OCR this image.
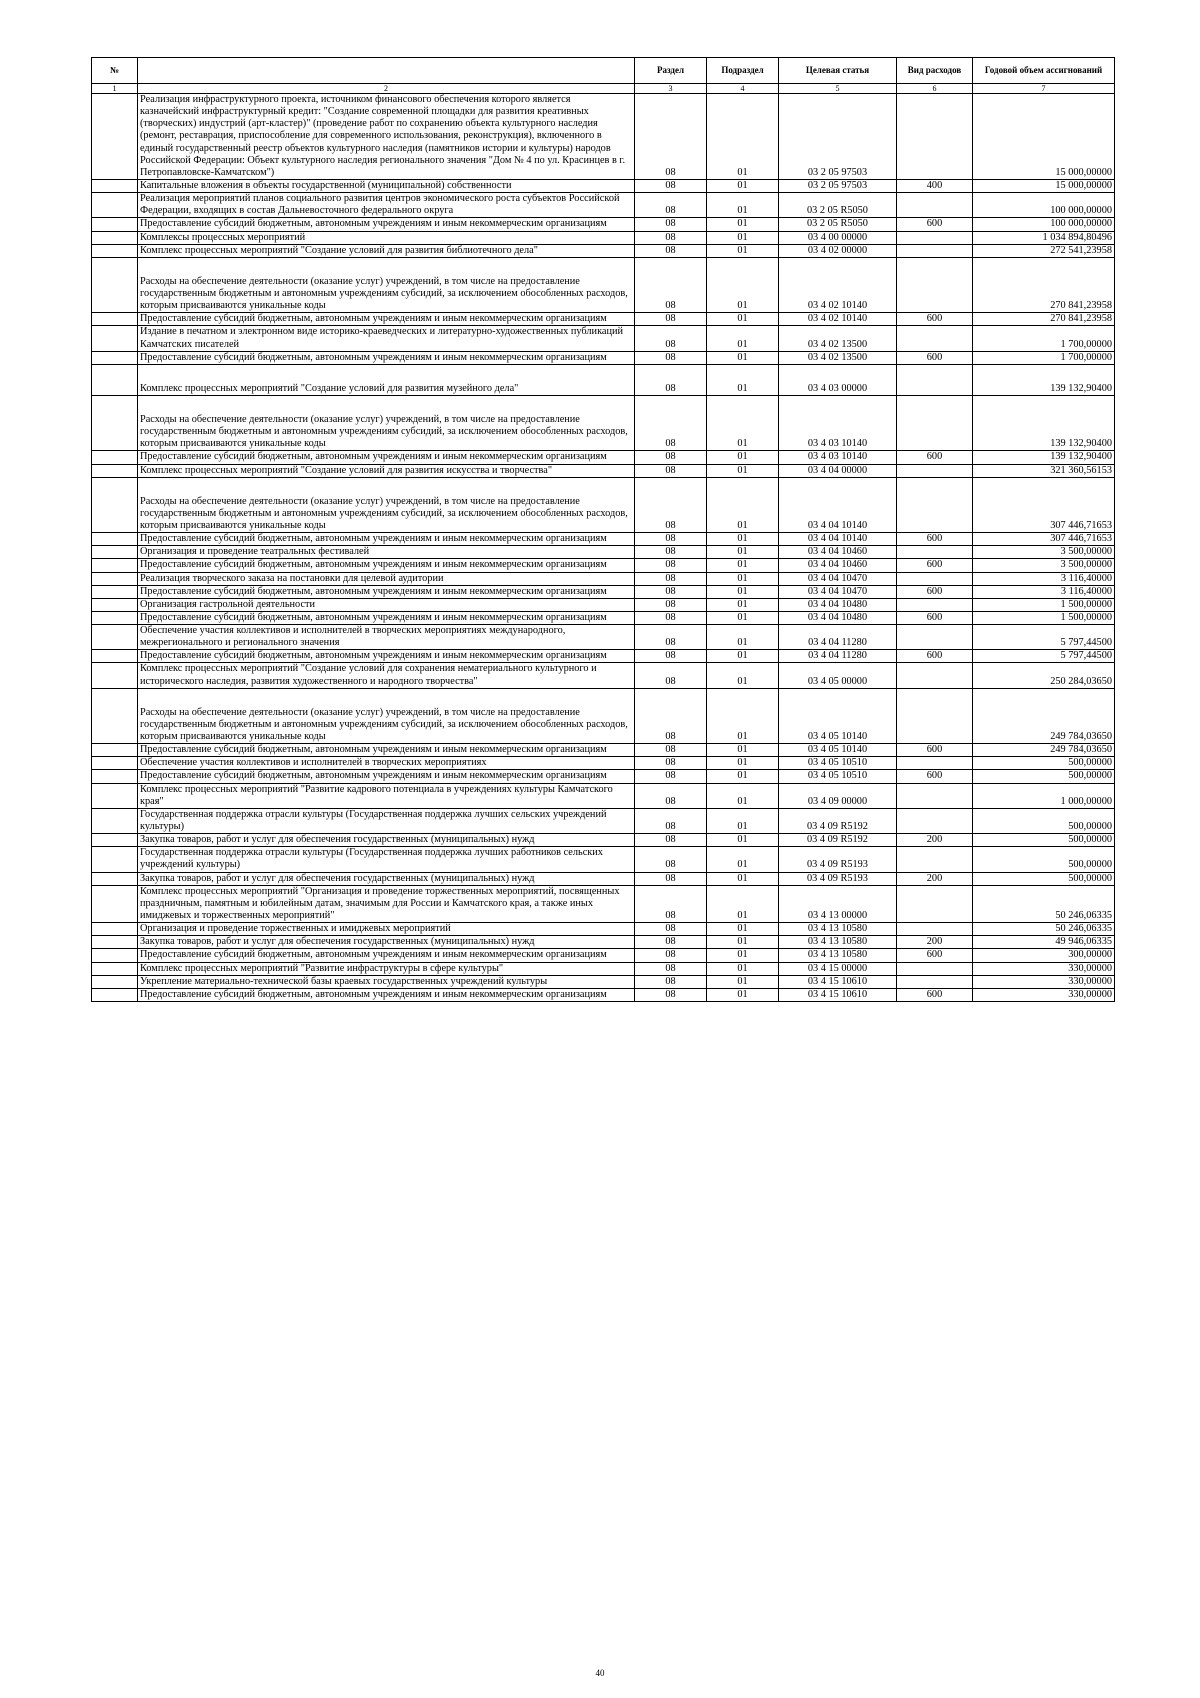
№		Раздел	Подраздел	Целевая статья	Вид расходов	Годовой объем ассигнований
1	2	3	4	5	6	7
	Реализация инфраструктурного проекта, источником финансового обеспечения которого является казначейский инфраструктурный кредит: "Создание современной площадки для развития креативных (творческих) индустрий (арт-кластер)" (проведение работ по сохранению объекта культурного наследия (ремонт, реставрация, приспособление для современного использования, реконструкция), включенного в единый государственный реестр объектов культурного наследия (памятников истории и культуры) народов Российской Федерации: Объект культурного наследия регионального значения "Дом № 4 по ул. Красинцев в г. Петропавловске-Камчатском")	08	01	03 2 05 97503		15 000,00000
	Капитальные вложения в объекты государственной (муниципальной) собственности	08	01	03 2 05 97503	400	15 000,00000
	Реализация мероприятий планов социального развития центров экономического роста субъектов Российской Федерации, входящих в состав Дальневосточного федерального округа	08	01	03 2 05 R5050		100 000,00000
	Предоставление субсидий бюджетным, автономным учреждениям и иным некоммерческим организациям	08	01	03 2 05 R5050	600	100 000,00000
	Комплексы процессных мероприятий	08	01	03 4 00 00000		1 034 894,80496
	Комплекс процессных мероприятий "Создание условий для развития библиотечного дела"	08	01	03 4 02 00000		272 541,23958
	Расходы на обеспечение деятельности (оказание услуг) учреждений, в том числе на предоставление государственным бюджетным и автономным учреждениям субсидий, за исключением обособленных расходов, которым присваиваются уникальные коды	08	01	03 4 02 10140		270 841,23958
	Предоставление субсидий бюджетным, автономным учреждениям и иным некоммерческим организациям	08	01	03 4 02 10140	600	270 841,23958
	Издание в печатном и электронном виде историко-краеведческих и литературно-художественных публикаций Камчатских писателей	08	01	03 4 02 13500		1 700,00000
	Предоставление субсидий бюджетным, автономным учреждениям и иным некоммерческим организациям	08	01	03 4 02 13500	600	1 700,00000
	Комплекс процессных мероприятий "Создание условий для развития музейного дела"	08	01	03 4 03 00000		139 132,90400
	Расходы на обеспечение деятельности (оказание услуг) учреждений, в том числе на предоставление государственным бюджетным и автономным учреждениям субсидий, за исключением обособленных расходов, которым присваиваются уникальные коды	08	01	03 4 03 10140		139 132,90400
	Предоставление субсидий бюджетным, автономным учреждениям и иным некоммерческим организациям	08	01	03 4 03 10140	600	139 132,90400
	Комплекс процессных мероприятий "Создание условий для развития искусства и творчества"	08	01	03 4 04 00000		321 360,56153
	Расходы на обеспечение деятельности (оказание услуг) учреждений, в том числе на предоставление государственным бюджетным и автономным учреждениям субсидий, за исключением обособленных расходов, которым присваиваются уникальные коды	08	01	03 4 04 10140		307 446,71653
	Предоставление субсидий бюджетным, автономным учреждениям и иным некоммерческим организациям	08	01	03 4 04 10140	600	307 446,71653
	Организация и проведение театральных фестивалей	08	01	03 4 04 10460		3 500,00000
	Предоставление субсидий бюджетным, автономным учреждениям и иным некоммерческим организациям	08	01	03 4 04 10460	600	3 500,00000
	Реализация творческого заказа на постановки для целевой аудитории	08	01	03 4 04 10470		3 116,40000
	Предоставление субсидий бюджетным, автономным учреждениям и иным некоммерческим организациям	08	01	03 4 04 10470	600	3 116,40000
	Организация гастрольной деятельности	08	01	03 4 04 10480		1 500,00000
	Предоставление субсидий бюджетным, автономным учреждениям и иным некоммерческим организациям	08	01	03 4 04 10480	600	1 500,00000
	Обеспечение участия коллективов и исполнителей в творческих мероприятиях международного, межрегионального и регионального значения	08	01	03 4 04 11280		5 797,44500
	Предоставление субсидий бюджетным, автономным учреждениям и иным некоммерческим организациям	08	01	03 4 04 11280	600	5 797,44500
	Комплекс процессных мероприятий "Создание условий для сохранения нематериального культурного и исторического наследия, развития художественного и народного творчества"	08	01	03 4 05 00000		250 284,03650
	Расходы на обеспечение деятельности (оказание услуг) учреждений, в том числе на предоставление государственным бюджетным и автономным учреждениям субсидий, за исключением обособленных расходов, которым присваиваются уникальные коды	08	01	03 4 05 10140		249 784,03650
	Предоставление субсидий бюджетным, автономным учреждениям и иным некоммерческим организациям	08	01	03 4 05 10140	600	249 784,03650
	Обеспечение участия коллективов и исполнителей в творческих мероприятиях	08	01	03 4 05 10510		500,00000
	Предоставление субсидий бюджетным, автономным учреждениям и иным некоммерческим организациям	08	01	03 4 05 10510	600	500,00000
	Комплекс процессных мероприятий "Развитие кадрового потенциала в учреждениях культуры Камчатского края"	08	01	03 4 09 00000		1 000,00000
	Государственная поддержка отрасли культуры (Государственная поддержка лучших сельских учреждений культуры)	08	01	03 4 09 R5192		500,00000
	Закупка товаров, работ и услуг для обеспечения государственных (муниципальных) нужд	08	01	03 4 09 R5192	200	500,00000
	Государственная поддержка отрасли культуры (Государственная поддержка лучших работников сельских учреждений культуры)	08	01	03 4 09 R5193		500,00000
	Закупка товаров, работ и услуг для обеспечения государственных (муниципальных) нужд	08	01	03 4 09 R5193	200	500,00000
	Комплекс процессных мероприятий "Организация и проведение торжественных мероприятий, посвященных праздничным, памятным и юбилейным датам, значимым для России и Камчатского края, а также иных имиджевых и торжественных мероприятий"	08	01	03 4 13 00000		50 246,06335
	Организация и проведение торжественных и имиджевых мероприятий	08	01	03 4 13 10580		50 246,06335
	Закупка товаров, работ и услуг для обеспечения государственных (муниципальных) нужд	08	01	03 4 13 10580	200	49 946,06335
	Предоставление субсидий бюджетным, автономным учреждениям и иным некоммерческим организациям	08	01	03 4 13 10580	600	300,00000
	Комплекс процессных мероприятий "Развитие инфраструктуры в сфере культуры"	08	01	03 4 15 00000		330,00000
	Укрепление материально-технической базы краевых государственных учреждений культуры	08	01	03 4 15 10610		330,00000
	Предоставление субсидий бюджетным, автономным учреждениям и иным некоммерческим организациям	08	01	03 4 15 10610	600	330,00000
40
